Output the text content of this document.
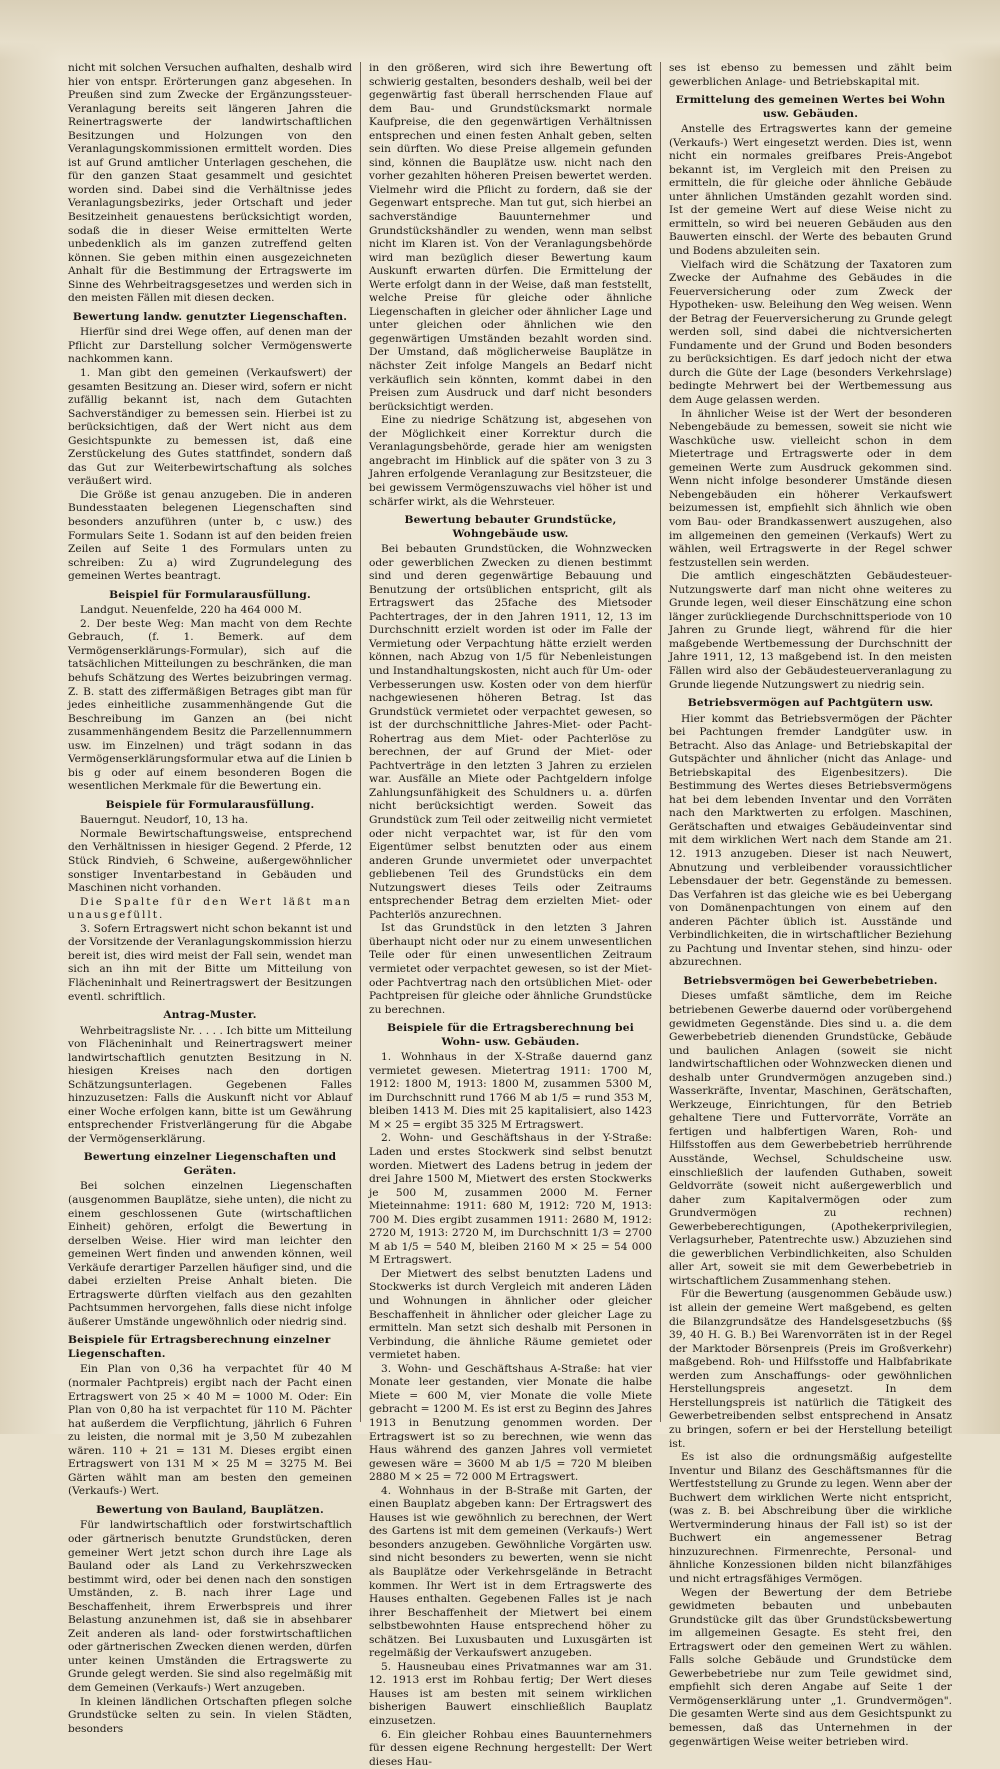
nicht mit solchen Versuchen aufhalten, deshalb wird hier von entspr. Erörterungen ganz abgesehen. In Preußen sind zum Zwecke der Ergänzungssteuer-Veranlagung bereits seit längeren Jahren die Reinertragswerte der landwirtschaftlichen Besitzungen und Holzungen von den Veranlagungskommissionen ermittelt worden. Dies ist auf Grund amtlicher Unterlagen geschehen, die für den ganzen Staat gesammelt und gesichtet worden sind. Dabei sind die Verhältnisse jedes Veranlagungsbezirks, jeder Ortschaft und jeder Besitzeinheit genauestens berücksichtigt worden, sodaß die in dieser Weise ermittelten Werte unbedenklich als im ganzen zutreffend gelten können. Sie geben mithin einen ausgezeichneten Anhalt für die Bestimmung der Ertragswerte im Sinne des Wehrbeitragsgesetzes und werden sich in den meisten Fällen mit diesen decken.

Bewertung landw. genutzter Liegenschaften.

Hierfür sind drei Wege offen, auf denen man der Pflicht zur Darstellung solcher Vermögenswerte nachkommen kann.

1. Man gibt den gemeinen (Verkaufswert) der gesamten Besitzung an. Dieser wird, sofern er nicht zufällig bekannt ist, nach dem Gutachten Sachverständiger zu bemessen sein. Hierbei ist zu berücksichtigen, daß der Wert nicht aus dem Gesichtspunkte zu bemessen ist, daß eine Zerstückelung des Gutes stattfindet, sondern daß das Gut zur Weiterbewirtschaftung als solches veräußert wird.

Die Größe ist genau anzugeben. Die in anderen Bundesstaaten belegenen Liegenschaften sind besonders anzuführen (unter b, c usw.) des Formulars Seite 1. Sodann ist auf den beiden freien Zeilen auf Seite 1 des Formulars unten zu schreiben: Zu a) wird Zugrundelegung des gemeinen Wertes beantragt.

Beispiel für Formularausfüllung.

Landgut. Neuenfelde, 220 ha 464 000 M.

2. Der beste Weg: Man macht von dem Rechte Gebrauch, (f. 1. Bemerk. auf dem Vermögenserklärungs-Formular), sich auf die tatsächlichen Mitteilungen zu beschränken, die man behufs Schätzung des Wertes beizubringen vermag. Z. B. statt des ziffermäßigen Betrages gibt man für jedes einheitliche zusammenhängende Gut die Beschreibung im Ganzen an (bei nicht zusammenhängendem Besitz die Parzellennummern usw. im Einzelnen) und trägt sodann in das Vermögenserklärungsformular etwa auf die Linien b bis g oder auf einem besonderen Bogen die wesentlichen Merkmale für die Bewertung ein.

Beispiele für Formularausfüllung.

Bauerngut. Neudorf, 10, 13 ha.

Normale Bewirtschaftungsweise, entsprechend den Verhältnissen in hiesiger Gegend. 2 Pferde, 12 Stück Rindvieh, 6 Schweine, außergewöhnlicher sonstiger Inventarbestand in Gebäuden und Maschinen nicht vorhanden.

Die Spalte für den Wert läßt man unausgefüllt.

3. Sofern Ertragswert nicht schon bekannt ist und der Vorsitzende der Veranlagungskommission hierzu bereit ist, dies wird meist der Fall sein, wendet man sich an ihn mit der Bitte um Mitteilung von Flächeninhalt und Reinertragswert der Besitzungen eventl. schriftlich.

Antrag-Muster.

Wehrbeitragsliste Nr. . . . . Ich bitte um Mitteilung von Flächeninhalt und Reinertragswert meiner landwirtschaftlich genutzten Besitzung in N. hiesigen Kreises nach den dortigen Schätzungsunterlagen. Gegebenen Falles hinzuzusetzen: Falls die Auskunft nicht vor Ablauf einer Woche erfolgen kann, bitte ist um Gewährung entsprechender Fristverlängerung für die Abgabe der Vermögenserklärung.

Bewertung einzelner Liegenschaften und Geräten.

Bei solchen einzelnen Liegenschaften (ausgenommen Bauplätze, siehe unten), die nicht zu einem geschlossenen Gute (wirtschaftlichen Einheit) gehören, erfolgt die Bewertung in derselben Weise. Hier wird man leichter den gemeinen Wert finden und anwenden können, weil Verkäufe derartiger Parzellen häufiger sind, und die dabei erzielten Preise Anhalt bieten. Die Ertragswerte dürften vielfach aus den gezahlten Pachtsummen hervorgehen, falls diese nicht infolge äußerer Umstände ungewöhnlich oder niedrig sind.

Beispiele für Ertragsberechnung einzelner Liegenschaften.

Ein Plan von 0,36 ha verpachtet für 40 M (normaler Pachtpreis) ergibt nach der Pacht einen Ertragswert von 25 × 40 M = 1000 M. Oder: Ein Plan von 0,80 ha ist verpachtet für 110 M. Pächter hat außerdem die Verpflichtung, jährlich 6 Fuhren zu leisten, die normal mit je 3,50 M zubezahlen wären. 110 + 21 = 131 M. Dieses ergibt einen Ertragswert von 131 M × 25 M = 3275 M. Bei Gärten wählt man am besten den gemeinen (Verkaufs-) Wert.

Bewertung von Bauland, Bauplätzen.

Für landwirtschaftlich oder forstwirtschaftlich oder gärtnerisch benutzte Grundstücken, deren gemeiner Wert jetzt schon durch ihre Lage als Bauland oder als Land zu Verkehrszwecken bestimmt wird, oder bei denen nach den sonstigen Umständen, z. B. nach ihrer Lage und Beschaffenheit, ihrem Erwerbspreis und ihrer Belastung anzunehmen ist, daß sie in absehbarer Zeit anderen als land- oder forstwirtschaftlichen oder gärtnerischen Zwecken dienen werden, dürfen unter keinen Umständen die Ertragswerte zu Grunde gelegt werden. Sie sind also regelmäßig mit dem Gemeinen (Verkaufs-) Wert anzugeben.

In kleinen ländlichen Ortschaften pflegen solche Grundstücke selten zu sein. In vielen Städten, besonders

in den größeren, wird sich ihre Bewertung oft schwierig gestalten, besonders deshalb, weil bei der gegenwärtig fast überall herrschenden Flaue auf dem Bau- und Grundstücksmarkt normale Kaufpreise, die den gegenwärtigen Verhältnissen entsprechen und einen festen Anhalt geben, selten sein dürften. Wo diese Preise allgemein gefunden sind, können die Bauplätze usw. nicht nach den vorher gezahlten höheren Preisen bewertet werden. Vielmehr wird die Pflicht zu fordern, daß sie der Gegenwart entspreche. Man tut gut, sich hierbei an sachverständige Bauunternehmer und Grundstückshändler zu wenden, wenn man selbst nicht im Klaren ist. Von der Veranlagungsbehörde wird man bezüglich dieser Bewertung kaum Auskunft erwarten dürfen. Die Ermittelung der Werte erfolgt dann in der Weise, daß man feststellt, welche Preise für gleiche oder ähnliche Liegenschaften in gleicher oder ähnlicher Lage und unter gleichen oder ähnlichen wie den gegenwärtigen Umständen bezahlt worden sind. Der Umstand, daß möglicherweise Bauplätze in nächster Zeit infolge Mangels an Bedarf nicht verkäuflich sein könnten, kommt dabei in den Preisen zum Ausdruck und darf nicht besonders berücksichtigt werden.

Eine zu niedrige Schätzung ist, abgesehen von der Möglichkeit einer Korrektur durch die Veranlagungsbehörde, gerade hier am wenigsten angebracht im Hinblick auf die später von 3 zu 3 Jahren erfolgende Veranlagung zur Besitzsteuer, die bei gewissem Vermögenszuwachs viel höher ist und schärfer wirkt, als die Wehrsteuer.

Bewertung bebauter Grundstücke, Wohngebäude usw.

Bei bebauten Grundstücken, die Wohnzwecken oder gewerblichen Zwecken zu dienen bestimmt sind und deren gegenwärtige Bebauung und Benutzung der ortsüblichen entspricht, gilt als Ertragswert das 25fache des Mietsoder Pachtertrages, der in den Jahren 1911, 12, 13 im Durchschnitt erzielt worden ist oder im Falle der Vermietung oder Verpachtung hätte erzielt werden können, nach Abzug von 1/5 für Nebenleistungen und Instandhaltungskosten, nicht auch für Um- oder Verbesserungen usw. Kosten oder von dem hierfür nachgewiesenen höheren Betrag. Ist das Grundstück vermietet oder verpachtet gewesen, so ist der durchschnittliche Jahres-Miet- oder Pacht-Rohertrag aus dem Miet- oder Pachterlöse zu berechnen, der auf Grund der Miet- oder Pachtverträge in den letzten 3 Jahren zu erzielen war. Ausfälle an Miete oder Pachtgeldern infolge Zahlungsunfähigkeit des Schuldners u. a. dürfen nicht berücksichtigt werden. Soweit das Grundstück zum Teil oder zeitweilig nicht vermietet oder nicht verpachtet war, ist für den vom Eigentümer selbst benutzten oder aus einem anderen Grunde unvermietet oder unverpachtet gebliebenen Teil des Grundstücks ein dem Nutzungswert dieses Teils oder Zeitraums entsprechender Betrag dem erzielten Miet- oder Pachterlös anzurechnen.

Ist das Grundstück in den letzten 3 Jahren überhaupt nicht oder nur zu einem unwesentlichen Teile oder für einen unwesentlichen Zeitraum vermietet oder verpachtet gewesen, so ist der Miet- oder Pachtvertrag nach den ortsüblichen Miet- oder Pachtpreisen für gleiche oder ähnliche Grundstücke zu berechnen.

Beispiele für die Ertragsberechnung bei Wohn- usw. Gebäuden.

1. Wohnhaus in der X-Straße dauernd ganz vermietet gewesen. Mietertrag 1911: 1700 M, 1912: 1800 M, 1913: 1800 M, zusammen 5300 M, im Durchschnitt rund 1766 M ab 1/5 = rund 353 M, bleiben 1413 M. Dies mit 25 kapitalisiert, also 1423 M × 25 = ergibt 35 325 M Ertragswert.

2. Wohn- und Geschäftshaus in der Y-Straße: Laden und erstes Stockwerk sind selbst benutzt worden. Mietwert des Ladens betrug in jedem der drei Jahre 1500 M, Mietwert des ersten Stockwerks je 500 M, zusammen 2000 M. Ferner Mieteinnahme: 1911: 680 M, 1912: 720 M, 1913: 700 M. Dies ergibt zusammen 1911: 2680 M, 1912: 2720 M, 1913: 2720 M, im Durchschnitt 1/3 = 2700 M ab 1/5 = 540 M, bleiben 2160 M × 25 = 54 000 M Ertragswert.

Der Mietwert des selbst benutzten Ladens und Stockwerks ist durch Vergleich mit anderen Läden und Wohnungen in ähnlicher oder gleicher Beschaffenheit in ähnlicher oder gleicher Lage zu ermitteln. Man setzt sich deshalb mit Personen in Verbindung, die ähnliche Räume gemietet oder vermietet haben.

3. Wohn- und Geschäftshaus A-Straße: hat vier Monate leer gestanden, vier Monate die halbe Miete = 600 M, vier Monate die volle Miete gebracht = 1200 M. Es ist erst zu Beginn des Jahres 1913 in Benutzung genommen worden. Der Ertragswert ist so zu berechnen, wie wenn das Haus während des ganzen Jahres voll vermietet gewesen wäre = 3600 M ab 1/5 = 720 M bleiben 2880 M × 25 = 72 000 M Ertragswert.

4. Wohnhaus in der B-Straße mit Garten, der einen Bauplatz abgeben kann: Der Ertragswert des Hauses ist wie gewöhnlich zu berechnen, der Wert des Gartens ist mit dem gemeinen (Verkaufs-) Wert besonders anzugeben. Gewöhnliche Vorgärten usw. sind nicht besonders zu bewerten, wenn sie nicht als Bauplätze oder Verkehrsgelände in Betracht kommen. Ihr Wert ist in dem Ertragswerte des Hauses enthalten. Gegebenen Falles ist je nach ihrer Beschaffenheit der Mietwert bei einem selbstbewohnten Hause entsprechend höher zu schätzen. Bei Luxusbauten und Luxusgärten ist regelmäßig der Verkaufswert anzugeben.

5. Hausneubau eines Privatmannes war am 31. 12. 1913 erst im Rohbau fertig; Der Wert dieses Hauses ist am besten mit seinem wirklichen bisherigen Bauwert einschließlich Bauplatz einzusetzen.

6. Ein gleicher Rohbau eines Bauunternehmers für dessen eigene Rechnung hergestellt: Der Wert dieses Hau-

ses ist ebenso zu bemessen und zählt beim gewerblichen Anlage- und Betriebskapital mit.

Ermittelung des gemeinen Wertes bei Wohn usw. Gebäuden.

Anstelle des Ertragswertes kann der gemeine (Verkaufs-) Wert eingesetzt werden. Dies ist, wenn nicht ein normales greifbares Preis-Angebot bekannt ist, im Vergleich mit den Preisen zu ermitteln, die für gleiche oder ähnliche Gebäude unter ähnlichen Umständen gezahlt worden sind. Ist der gemeine Wert auf diese Weise nicht zu ermitteln, so wird bei neueren Gebäuden aus den Bauwerten einschl. der Werte des bebauten Grund und Bodens abzuleiten sein.

Vielfach wird die Schätzung der Taxatoren zum Zwecke der Aufnahme des Gebäudes in die Feuerversicherung oder zum Zweck der Hypotheken- usw. Beleihung den Weg weisen. Wenn der Betrag der Feuerversicherung zu Grunde gelegt werden soll, sind dabei die nichtversicherten Fundamente und der Grund und Boden besonders zu berücksichtigen. Es darf jedoch nicht der etwa durch die Güte der Lage (besonders Verkehrslage) bedingte Mehrwert bei der Wertbemessung aus dem Auge gelassen werden.

In ähnlicher Weise ist der Wert der besonderen Nebengebäude zu bemessen, soweit sie nicht wie Waschküche usw. vielleicht schon in dem Mietertrage und Ertragswerte oder in dem gemeinen Werte zum Ausdruck gekommen sind. Wenn nicht infolge besonderer Umstände diesen Nebengebäuden ein höherer Verkaufswert beizumessen ist, empfiehlt sich ähnlich wie oben vom Bau- oder Brandkassenwert auszugehen, also im allgemeinen den gemeinen (Verkaufs) Wert zu wählen, weil Ertragswerte in der Regel schwer festzustellen sein werden.

Die amtlich eingeschätzten Gebäudesteuer-Nutzungswerte darf man nicht ohne weiteres zu Grunde legen, weil dieser Einschätzung eine schon länger zurückliegende Durchschnittsperiode von 10 Jahren zu Grunde liegt, während für die hier maßgebende Wertbemessung der Durchschnitt der Jahre 1911, 12, 13 maßgebend ist. In den meisten Fällen wird also der Gebäudesteuerveranlagung zu Grunde liegende Nutzungswert zu niedrig sein.

Betriebsvermögen auf Pachtgütern usw.

Hier kommt das Betriebsvermögen der Pächter bei Pachtungen fremder Landgüter usw. in Betracht. Also das Anlage- und Betriebskapital der Gutspächter und ähnlicher (nicht das Anlage- und Betriebskapital des Eigenbesitzers). Die Bestimmung des Wertes dieses Betriebsvermögens hat bei dem lebenden Inventar und den Vorräten nach den Marktwerten zu erfolgen. Maschinen, Gerätschaften und etwaiges Gebäudeinventar sind mit dem wirklichen Wert nach dem Stande am 21. 12. 1913 anzugeben. Dieser ist nach Neuwert, Abnutzung und verbleibender voraussichtlicher Lebensdauer der betr. Gegenstände zu bemessen. Das Verfahren ist das gleiche wie es bei Uebergang von Domänenpachtungen von einem auf den anderen Pächter üblich ist. Ausstände und Verbindlichkeiten, die in wirtschaftlicher Beziehung zu Pachtung und Inventar stehen, sind hinzu- oder abzurechnen.

Betriebsvermögen bei Gewerbebetrieben.

Dieses umfaßt sämtliche, dem im Reiche betriebenen Gewerbe dauernd oder vorübergehend gewidmeten Gegenstände. Dies sind u. a. die dem Gewerbebetrieb dienenden Grundstücke, Gebäude und baulichen Anlagen (soweit sie nicht landwirtschaftlichen oder Wohnzwecken dienen und deshalb unter Grundvermögen anzugeben sind.) Wasserkräfte, Inventar, Maschinen, Gerätschaften, Werkzeuge, Einrichtungen, für den Betrieb gehaltene Tiere und Futtervorräte, Vorräte an fertigen und halbfertigen Waren, Roh- und Hilfsstoffen aus dem Gewerbebetrieb herrührende Ausstände, Wechsel, Schuldscheine usw. einschließlich der laufenden Guthaben, soweit Geldvorräte (soweit nicht außergewerblich und daher zum Kapitalvermögen oder zum Grundvermögen zu rechnen) Gewerbeberechtigungen, (Apothekerprivilegien, Verlagsurheber, Patentrechte usw.) Abzuziehen sind die gewerblichen Verbindlichkeiten, also Schulden aller Art, soweit sie mit dem Gewerbebetrieb in wirtschaftlichem Zusammenhang stehen.

Für die Bewertung (ausgenommen Gebäude usw.) ist allein der gemeine Wert maßgebend, es gelten die Bilanzgrundsätze des Handelsgesetzbuchs (§§ 39, 40 H. G. B.) Bei Warenvorräten ist in der Regel der Marktoder Börsenpreis (Preis im Großverkehr) maßgebend. Roh- und Hilfsstoffe und Halbfabrikate werden zum Anschaffungs- oder gewöhnlichen Herstellungspreis angesetzt. In dem Herstellungspreis ist natürlich die Tätigkeit des Gewerbetreibenden selbst entsprechend in Ansatz zu bringen, sofern er bei der Herstellung beteiligt ist.

Es ist also die ordnungsmäßig aufgestellte Inventur und Bilanz des Geschäftsmannes für die Wertfeststellung zu Grunde zu legen. Wenn aber der Buchwert dem wirklichen Werte nicht entspricht, (was z. B. bei Abschreibung über die wirkliche Wertverminderung hinaus der Fall ist) so ist der Buchwert ein angemessener Betrag hinzuzurechnen. Firmenrechte, Personal- und ähnliche Konzessionen bilden nicht bilanzfähiges und nicht ertragsfähiges Vermögen.

Wegen der Bewertung der dem Betriebe gewidmeten bebauten und unbebauten Grundstücke gilt das über Grundstücksbewertung im allgemeinen Gesagte. Es steht frei, den Ertragswert oder den gemeinen Wert zu wählen. Falls solche Gebäude und Grundstücke dem Gewerbebetriebe nur zum Teile gewidmet sind, empfiehlt sich deren Angabe auf Seite 1 der Vermögenserklärung unter „1. Grundvermögen". Die gesamten Werte sind aus dem Gesichtspunkt zu bemessen, daß das Unternehmen in der gegenwärtigen Weise weiter betrieben wird.
